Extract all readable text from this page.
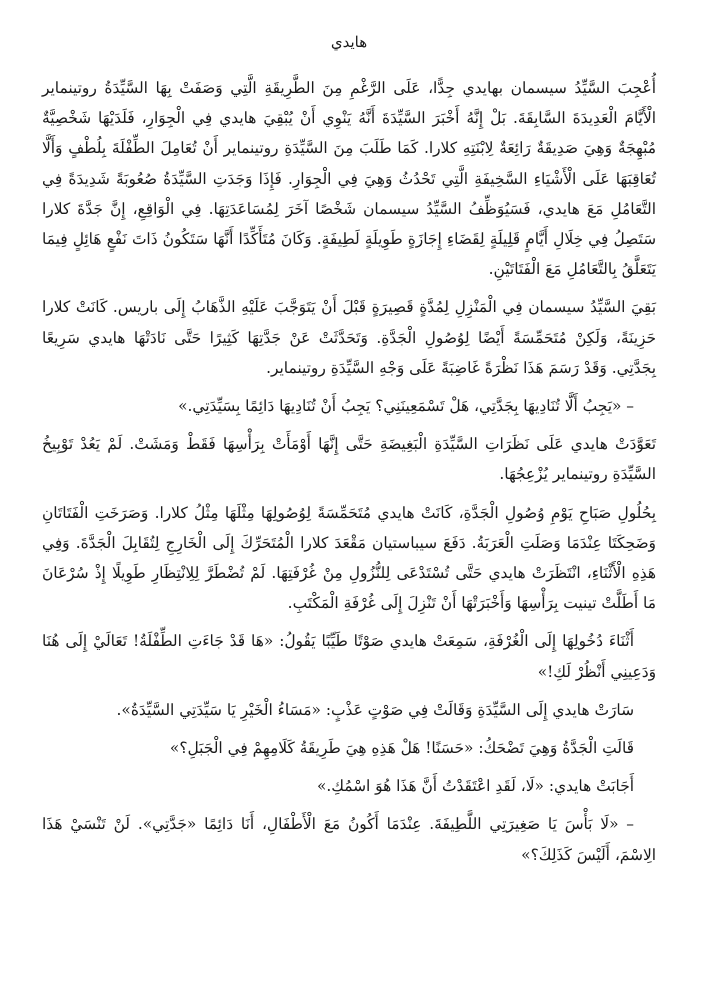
هايدي

أُعْجِبَ السَّيِّدُ سيسمان بهايدي جِدًّا، عَلَى الرَّغْمِ مِنَ الطَّرِيقَةِ الَّتِي وَصَفَتْ بِهَا السَّيِّدَةُ روتينماير الْأَيَّامَ الْعَدِيدَةَ السَّابِقَةَ. بَلْ إِنَّهُ أَخْبَرَ السَّيِّدَةَ أَنَّهُ يَنْوِي أَنْ يُبْقِيَ هايدي فِي الْجِوَارِ، فَلَدَيْهَا شَخْصِيَّةٌ مُبْهِجَةٌ وَهِيَ صَدِيقَةٌ رَائِعَةٌ لِابْنَتِهِ كلارا. كَمَا طَلَبَ مِنَ السَّيِّدَةِ روتينماير أَنْ تُعَامِلَ الطِّفْلَةَ بِلُطْفٍ وَأَلَّا تُعَاقِبَهَا عَلَى الْأَشْيَاءِ السَّخِيفَةِ الَّتِي تَحْدُثُ وَهِيَ فِي الْجِوَارِ. فَإِذَا وَجَدَتِ السَّيِّدَةُ صُعُوبَةً شَدِيدَةً فِي التَّعَامُلِ مَعَ هايدي، فَسَيُوَظِّفُ السَّيِّدُ سيسمان شَخْصًا آخَرَ لِمُسَاعَدَتِهَا. فِي الْوَاقِعِ، إِنَّ جَدَّةَ كلارا سَتَصِلُ فِي خِلَالِ أَيَّامٍ قَلِيلَةٍ لِقَضَاءِ إِجَازَةٍ طَوِيلَةٍ لَطِيفَةٍ. وَكَانَ مُتَأَكِّدًا أَنَّهَا سَتَكُونُ ذَاتَ نَفْعٍ هَائِلٍ فِيمَا يَتَعَلَّقُ بِالتَّعَامُلِ مَعَ الْفَتَاتَيْنِ.

بَقِيَ السَّيِّدُ سيسمان فِي الْمَنْزِلِ لِمُدَّةٍ قَصِيرَةٍ قَبْلَ أَنْ يَتَوَجَّبَ عَلَيْهِ الذَّهَابُ إِلَى باريس. كَانَتْ كلارا حَزِينَةً، وَلَكِنْ مُتَحَمِّسَةً أَيْضًا لِوُصُولِ الْجَدَّةِ. وَتَحَدَّثَتْ عَنْ جَدَّتِهَا كَثِيرًا حَتَّى نَادَتْهَا هايدي سَرِيعًا بِجَدَّتِي. وَقَدْ رَسَمَ هَذَا نَظْرَةً غَاضِبَةً عَلَى وَجْهِ السَّيِّدَةِ روتينماير.

– «يَجِبُ أَلَّا تُنَادِيهَا بِجَدَّتِي، هَلْ تَسْمَعِينَنِي؟ يَجِبُ أَنْ تُنَادِيهَا دَائِمًا بِسَيِّدَتِي.»

تَعَوَّدَتْ هايدي عَلَى نَظَرَاتِ السَّيِّدَةِ الْبَغِيضَةِ حَتَّى إِنَّهَا أَوْمَأَتْ بِرَأْسِهَا فَقَطْ وَمَشَتْ. لَمْ يَعُدْ تَوْبِيخُ السَّيِّدَةِ روتينماير يُزْعِجُهَا.

بِحُلُولِ صَبَاحِ يَوْمِ وُصُولِ الْجَدَّةِ، كَانَتْ هايدي مُتَحَمِّسَةً لِوُصُولِهَا مِثْلَهَا مِثْلُ كلارا. وَصَرَخَتِ الْفَتَاتَانِ وَضَحِكَتَا عِنْدَمَا وَصَلَتِ الْعَرَبَةُ. دَفَعَ سيباستيان مَقْعَدَ كلارا الْمُتَحَرِّكَ إِلَى الْخَارِجِ لِتُقَابِلَ الْجَدَّةَ. وَفِي هَذِهِ الْأَثْنَاءِ، انْتَظَرَتْ هايدي حَتَّى تُسْتَدْعَى لِلنُّزُولِ مِنْ غُرْفَتِهَا. لَمْ تُضْطَرَّ لِلِانْتِظَارِ طَوِيلًا إِذْ سُرْعَانَ مَا أَطَلَّتْ تينيت بِرَأْسِهَا وَأَخْبَرَتْهَا أَنْ تَنْزِلَ إِلَى غُرْفَةِ الْمَكْتَبِ.

أَثْنَاءَ دُخُولِهَا إِلَى الْغُرْفَةِ، سَمِعَتْ هايدي صَوْتًا طَيِّبًا يَقُولُ: «هَا قَدْ جَاءَتِ الطِّفْلَةُ! تَعَالَيْ إِلَى هُنَا وَدَعِينِي أَنْظُرْ لَكِ!»

سَارَتْ هايدي إِلَى السَّيِّدَةِ وَقَالَتْ فِي صَوْتٍ عَذْبٍ: «مَسَاءُ الْخَيْرِ يَا سَيِّدَتِي السَّيِّدَةُ».

قَالَتِ الْجَدَّةُ وَهِيَ تَضْحَكُ: «حَسَنًا! هَلْ هَذِهِ هِيَ طَرِيقَةُ كَلَامِهِمْ فِي الْجَبَلِ؟»

أَجَابَتْ هايدي: «لَا، لَقَدِ اعْتَقَدْتُ أَنَّ هَذَا هُوَ اسْمُكِ.»

– «لَا بَأْسَ يَا صَغِيرَتِي اللَّطِيفَةَ. عِنْدَمَا أَكُونُ مَعَ الْأَطْفَالِ، أَنَا دَائِمًا «جَدَّتِي». لَنْ تَنْسَيْ هَذَا الِاسْمَ، أَلَيْسَ كَذَلِكَ؟»
